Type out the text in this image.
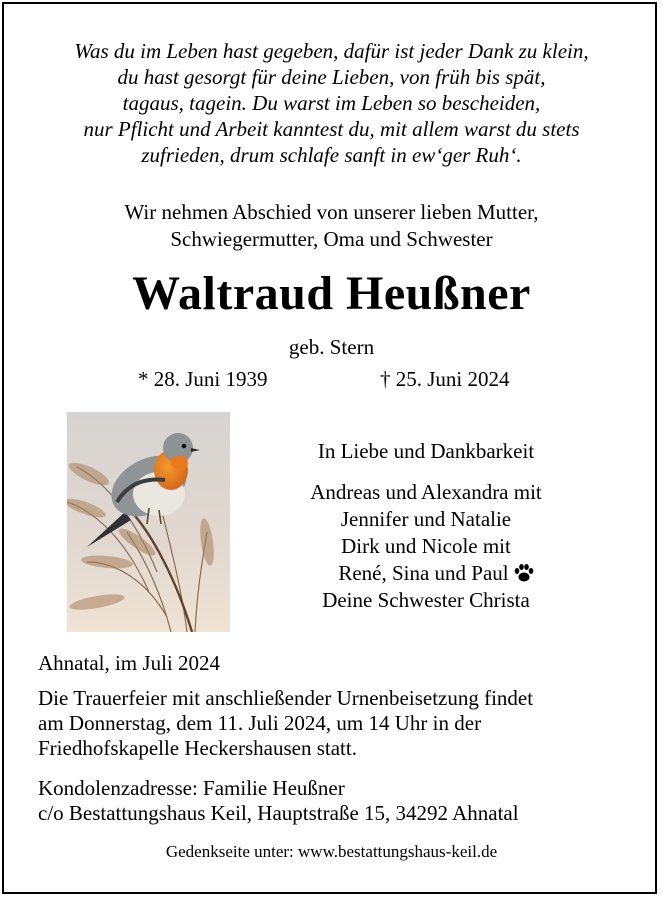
Was du im Leben hast gegeben, dafür ist jeder Dank zu klein,
du hast gesorgt für deine Lieben, von früh bis spät,
tagaus, tagein. Du warst im Leben so bescheiden,
nur Pflicht und Arbeit kanntest du, mit allem warst du stets
zufrieden, drum schlafe sanft in ew‘ger Ruh‘.
Wir nehmen Abschied von unserer lieben Mutter,
Schwiegermutter, Oma und Schwester
Waltraud Heußner
geb. Stern
* 28. Juni 1939	† 25. Juni 2024
In Liebe und Dankbarkeit
Andreas und Alexandra mit
Jennifer und Natalie
Dirk und Nicole mit
René, Sina und Paul
Deine Schwester Christa
Ahnatal, im Juli 2024
Die Trauerfeier mit anschließender Urnenbeisetzung findet
am Donnerstag, dem 11. Juli 2024, um 14 Uhr in der
Friedhofskapelle Heckershausen statt.
Kondolenzadresse: Familie Heußner
c/o Bestattungshaus Keil, Hauptstraße 15, 34292 Ahnatal
Gedenkseite unter: www.bestattungshaus-keil.de
